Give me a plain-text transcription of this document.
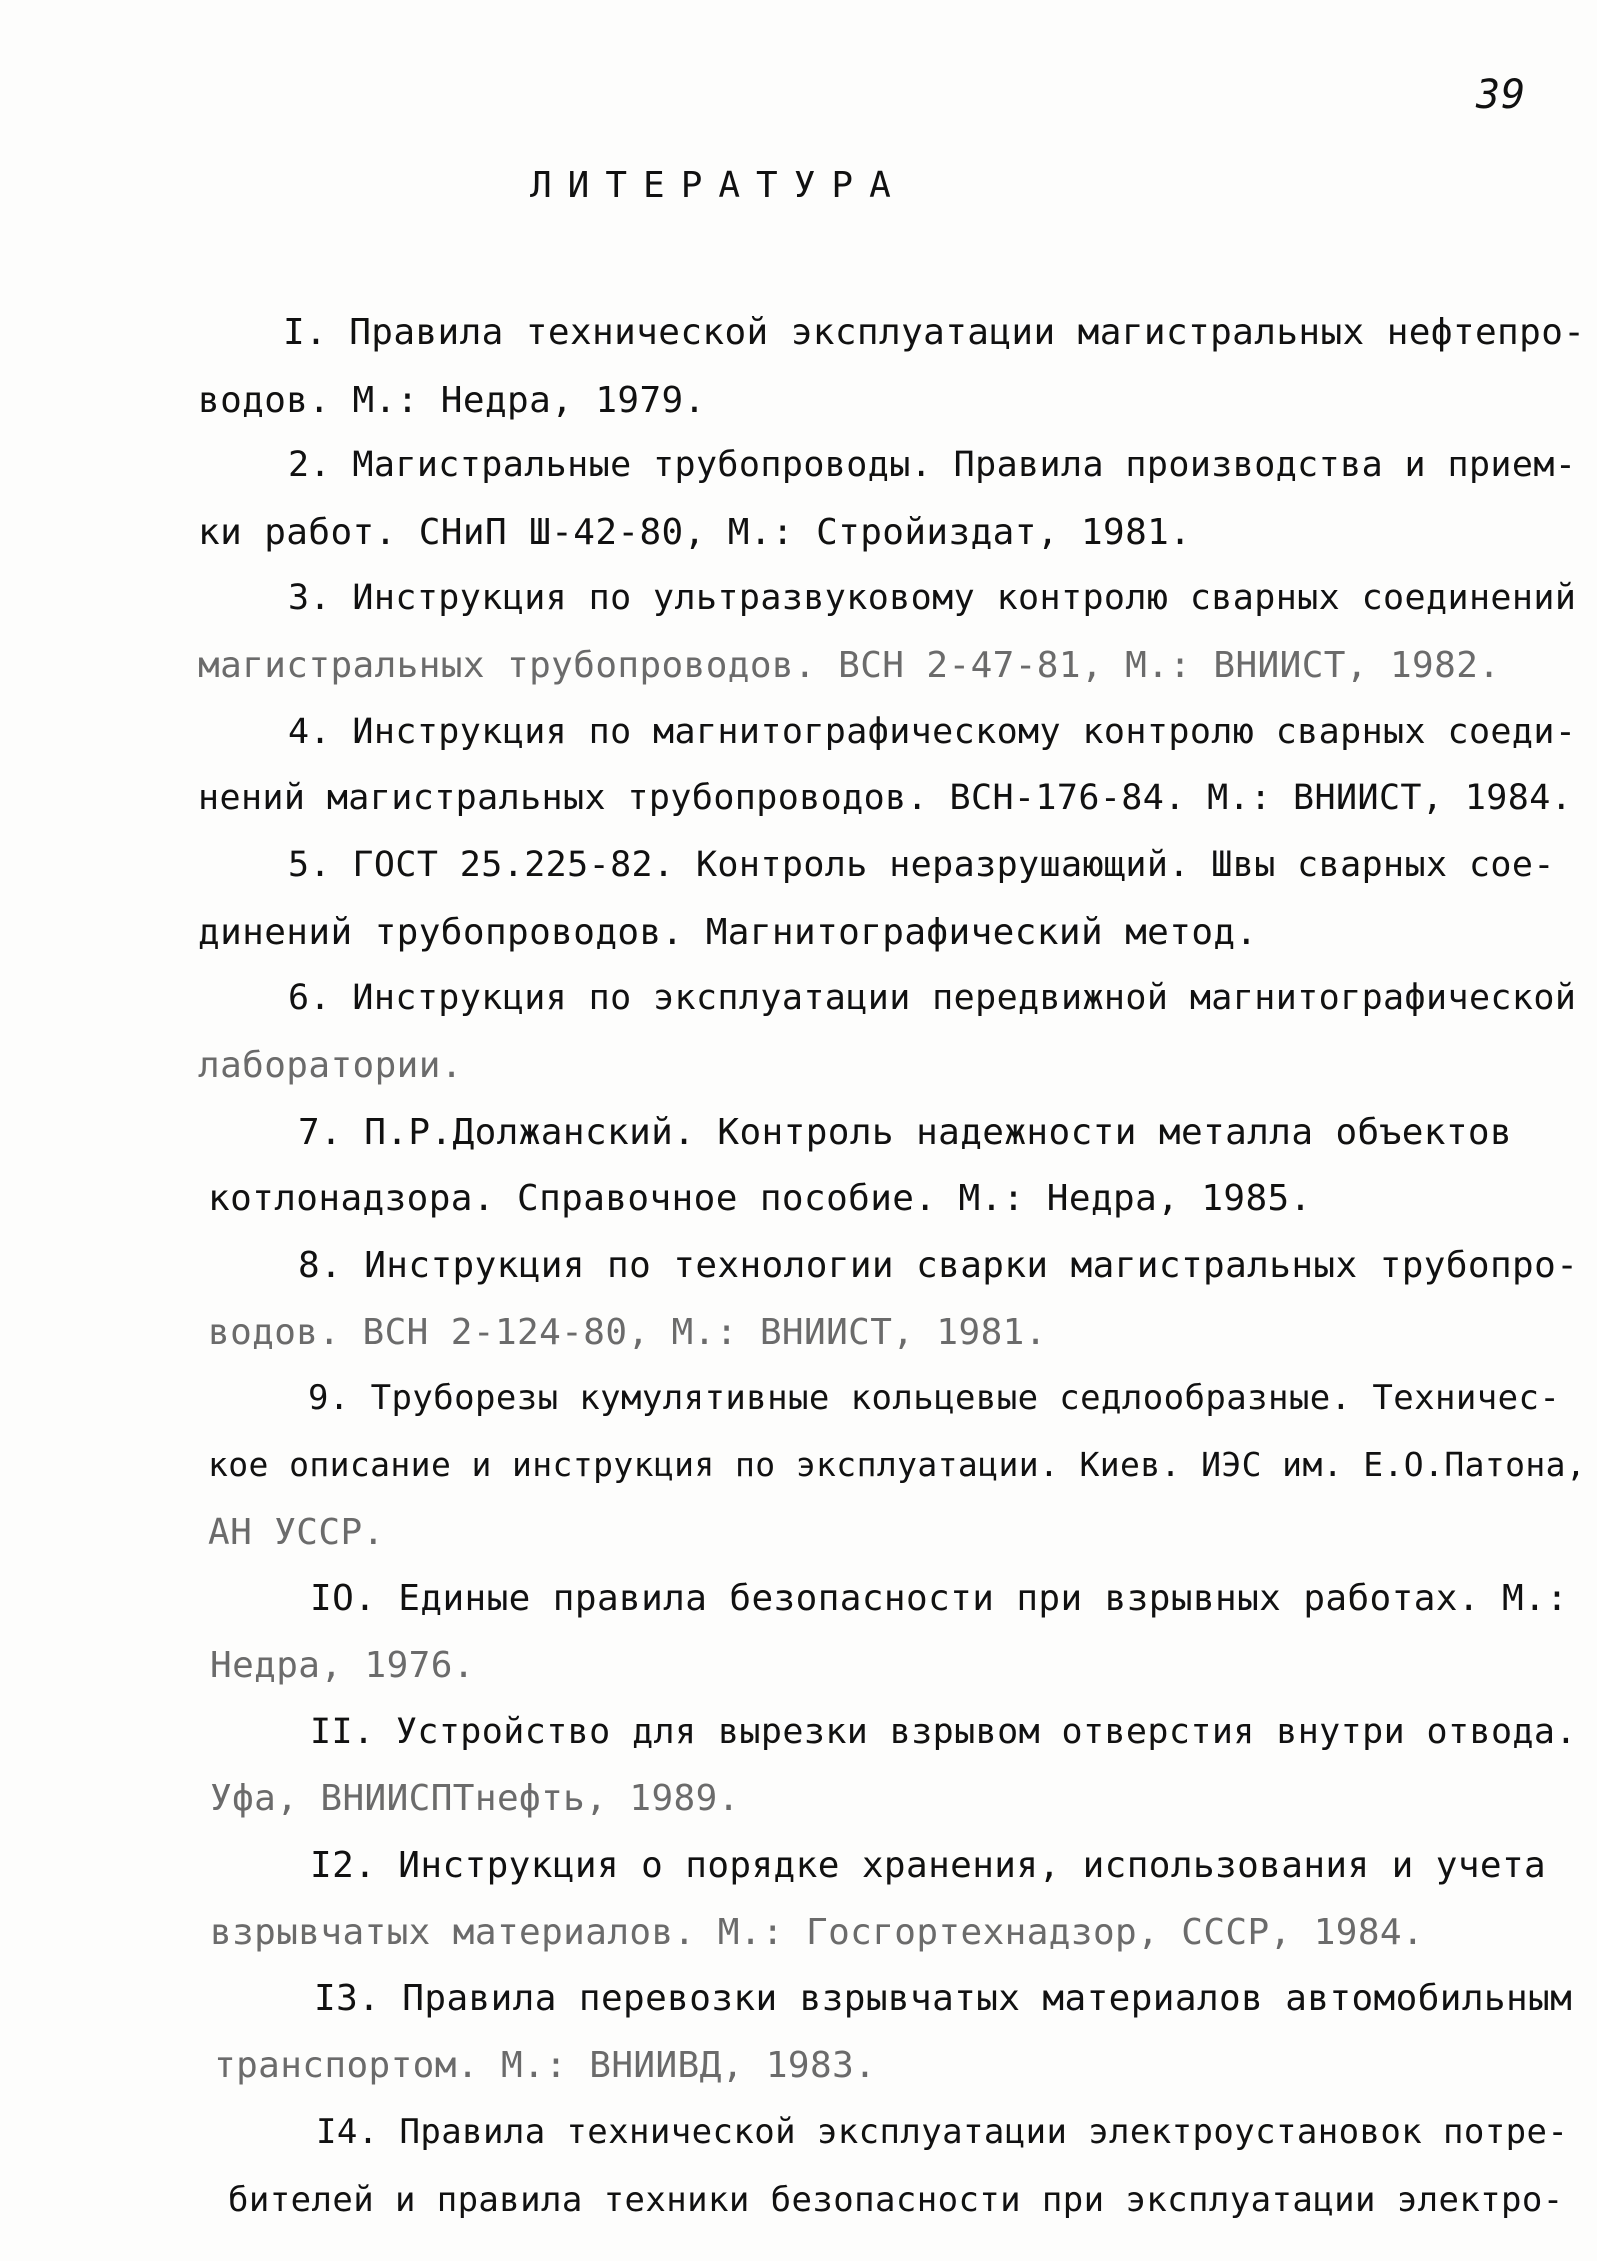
39
ЛИТЕРАТУРА
I. Правила технической эксплуатации магистральных нефтепро-
водов. М.: Недра, 1979.
2. Магистральные трубопроводы. Правила производства и прием-
ки работ. СНиП Ш-42-80, М.: Стройиздат, 1981.
3. Инструкция по ультразвуковому контролю сварных соединений
магистральных трубопроводов. ВСН 2-47-81, М.: ВНИИСТ, 1982.
4. Инструкция по магнитографическому контролю сварных соеди-
нений магистральных трубопроводов. ВСН-176-84. М.: ВНИИСТ, 1984.
5. ГОСТ 25.225-82. Контроль неразрушающий. Швы сварных сое-
динений трубопроводов. Магнитографический метод.
6. Инструкция по эксплуатации передвижной магнитографической
лаборатории.
7. П.Р.Должанский. Контроль надежности металла объектов
котлонадзора. Справочное пособие. М.: Недра, 1985.
8. Инструкция по технологии сварки магистральных трубопро-
водов. ВСН 2-124-80, М.: ВНИИСТ, 1981.
9. Труборезы кумулятивные кольцевые седлообразные. Техничес-
кое описание и инструкция по эксплуатации. Киев. ИЭС им. Е.О.Патона,
АН УССР.
IO. Единые правила безопасности при взрывных работах. М.:
Недра, 1976.
II. Устройство для вырезки взрывом отверстия внутри отвода.
Уфа, ВНИИСПТнефть, 1989.
I2. Инструкция о порядке хранения, использования и учета
взрывчатых материалов. М.: Госгортехнадзор, СССР, 1984.
I3. Правила перевозки взрывчатых материалов автомобильным
транспортом. М.: ВНИИВД, 1983.
I4. Правила технической эксплуатации электроустановок потре-
бителей и правила техники безопасности при эксплуатации электро-
